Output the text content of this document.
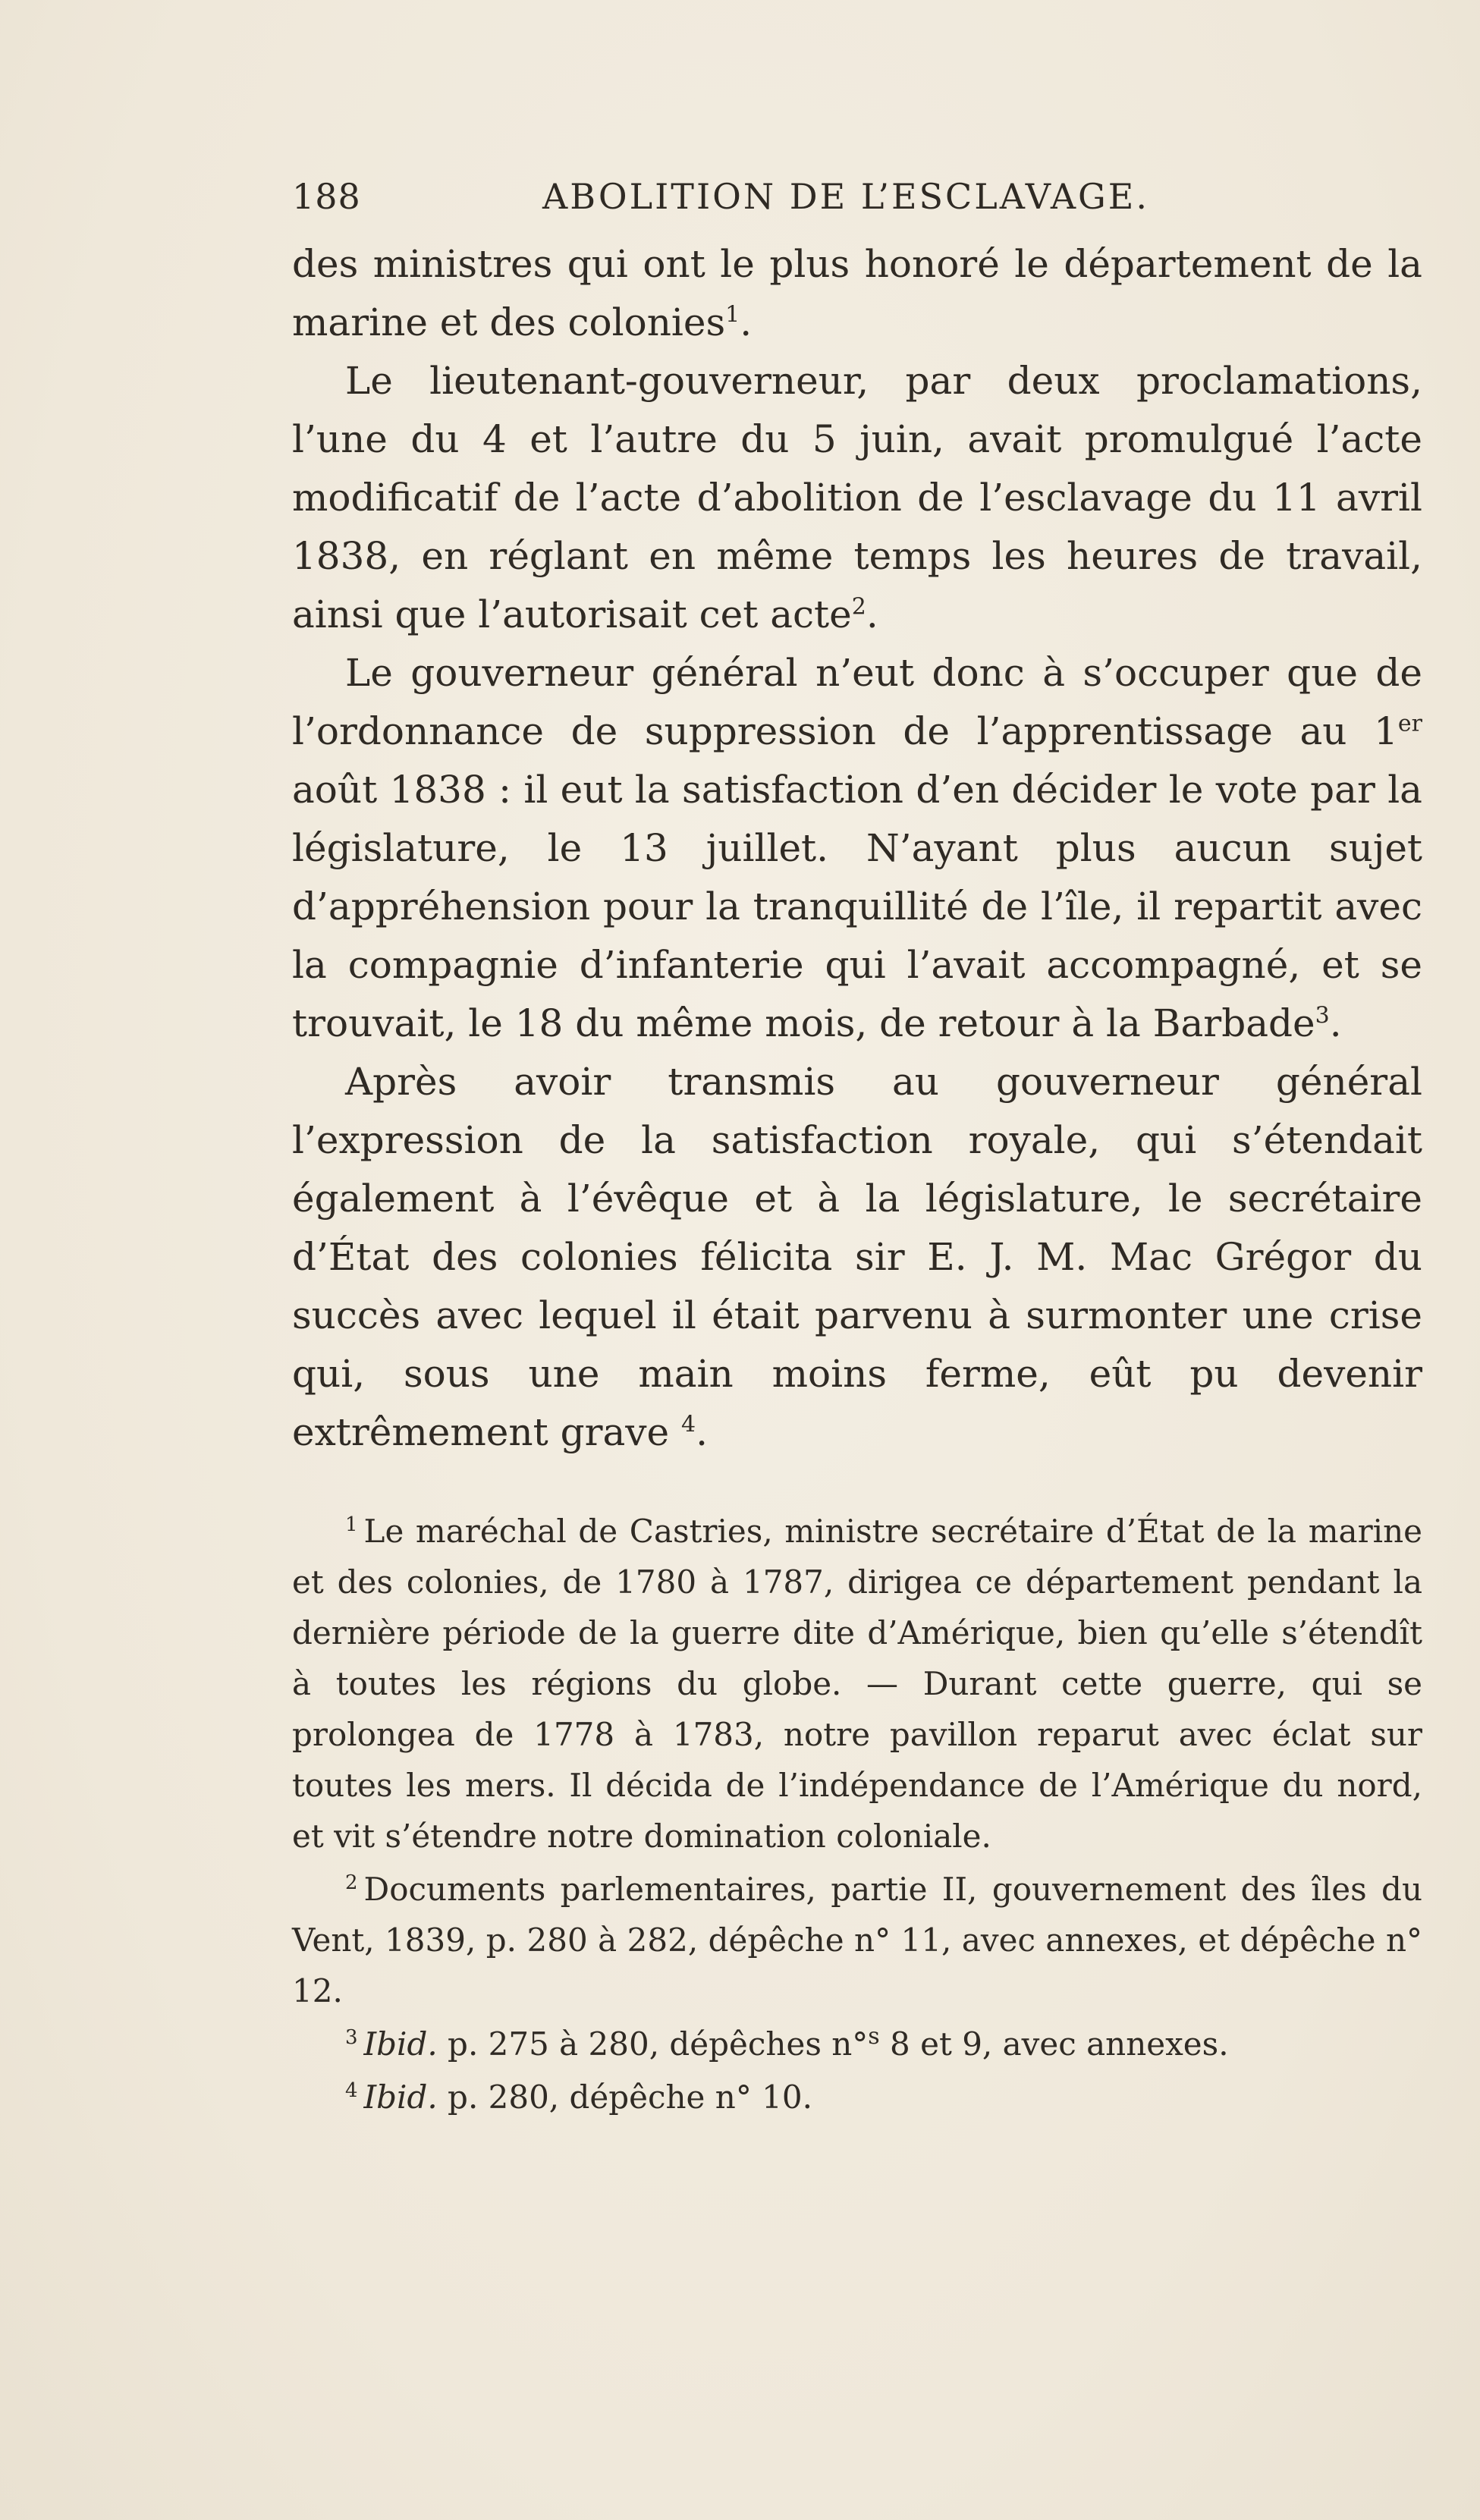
188	ABOLITION DE L’ESCLAVAGE.

des ministres qui ont le plus honoré le département de la marine et des colonies$^1$.

Le lieutenant-gouverneur, par deux proclamations, l’une du 4 et l’autre du 5 juin, avait promulgué l’acte modificatif de l’acte d’abolition de l’esclavage du 11 avril 1838, en réglant en même temps les heures de travail, ainsi que l’autorisait cet acte$^2$.

Le gouverneur général n’eut donc à s’occuper que de l’ordonnance de suppression de l’apprentissage au 1er août 1838 : il eut la satisfaction d’en décider le vote par la législature, le 13 juillet. N’ayant plus aucun sujet d’appréhension pour la tranquillité de l’île, il repartit avec la compagnie d’infanterie qui l’avait accompagné, et se trouvait, le 18 du même mois, de retour à la Barbade$^3$.

Après avoir transmis au gouverneur général l’expression de la satisfaction royale, qui s’étendait également à l’évêque et à la législature, le secrétaire d’État des colonies félicita sir E. J. M. Mac Grégor du succès avec lequel il était parvenu à surmonter une crise qui, sous une main moins ferme, eût pu devenir extrêmement grave $^4$.

$^1$ Le maréchal de Castries, ministre secrétaire d’État de la marine et des colonies, de 1780 à 1787, dirigea ce département pendant la dernière période de la guerre dite d’Amérique, bien qu’elle s’étendît à toutes les régions du globe. — Durant cette guerre, qui se prolongea de 1778 à 1783, notre pavillon reparut avec éclat sur toutes les mers. Il décida de l’indépendance de l’Amérique du nord, et vit s’étendre notre domination coloniale.

$^2$ Documents parlementaires, partie II, gouvernement des îles du Vent, 1839, p. 280 à 282, dépêche n° 11, avec annexes, et dépêche n° 12.

$^3$ Ibid. p. 275 à 280, dépêches n°$^s$ 8 et 9, avec annexes.

$^4$ Ibid. p. 280, dépêche n° 10.
